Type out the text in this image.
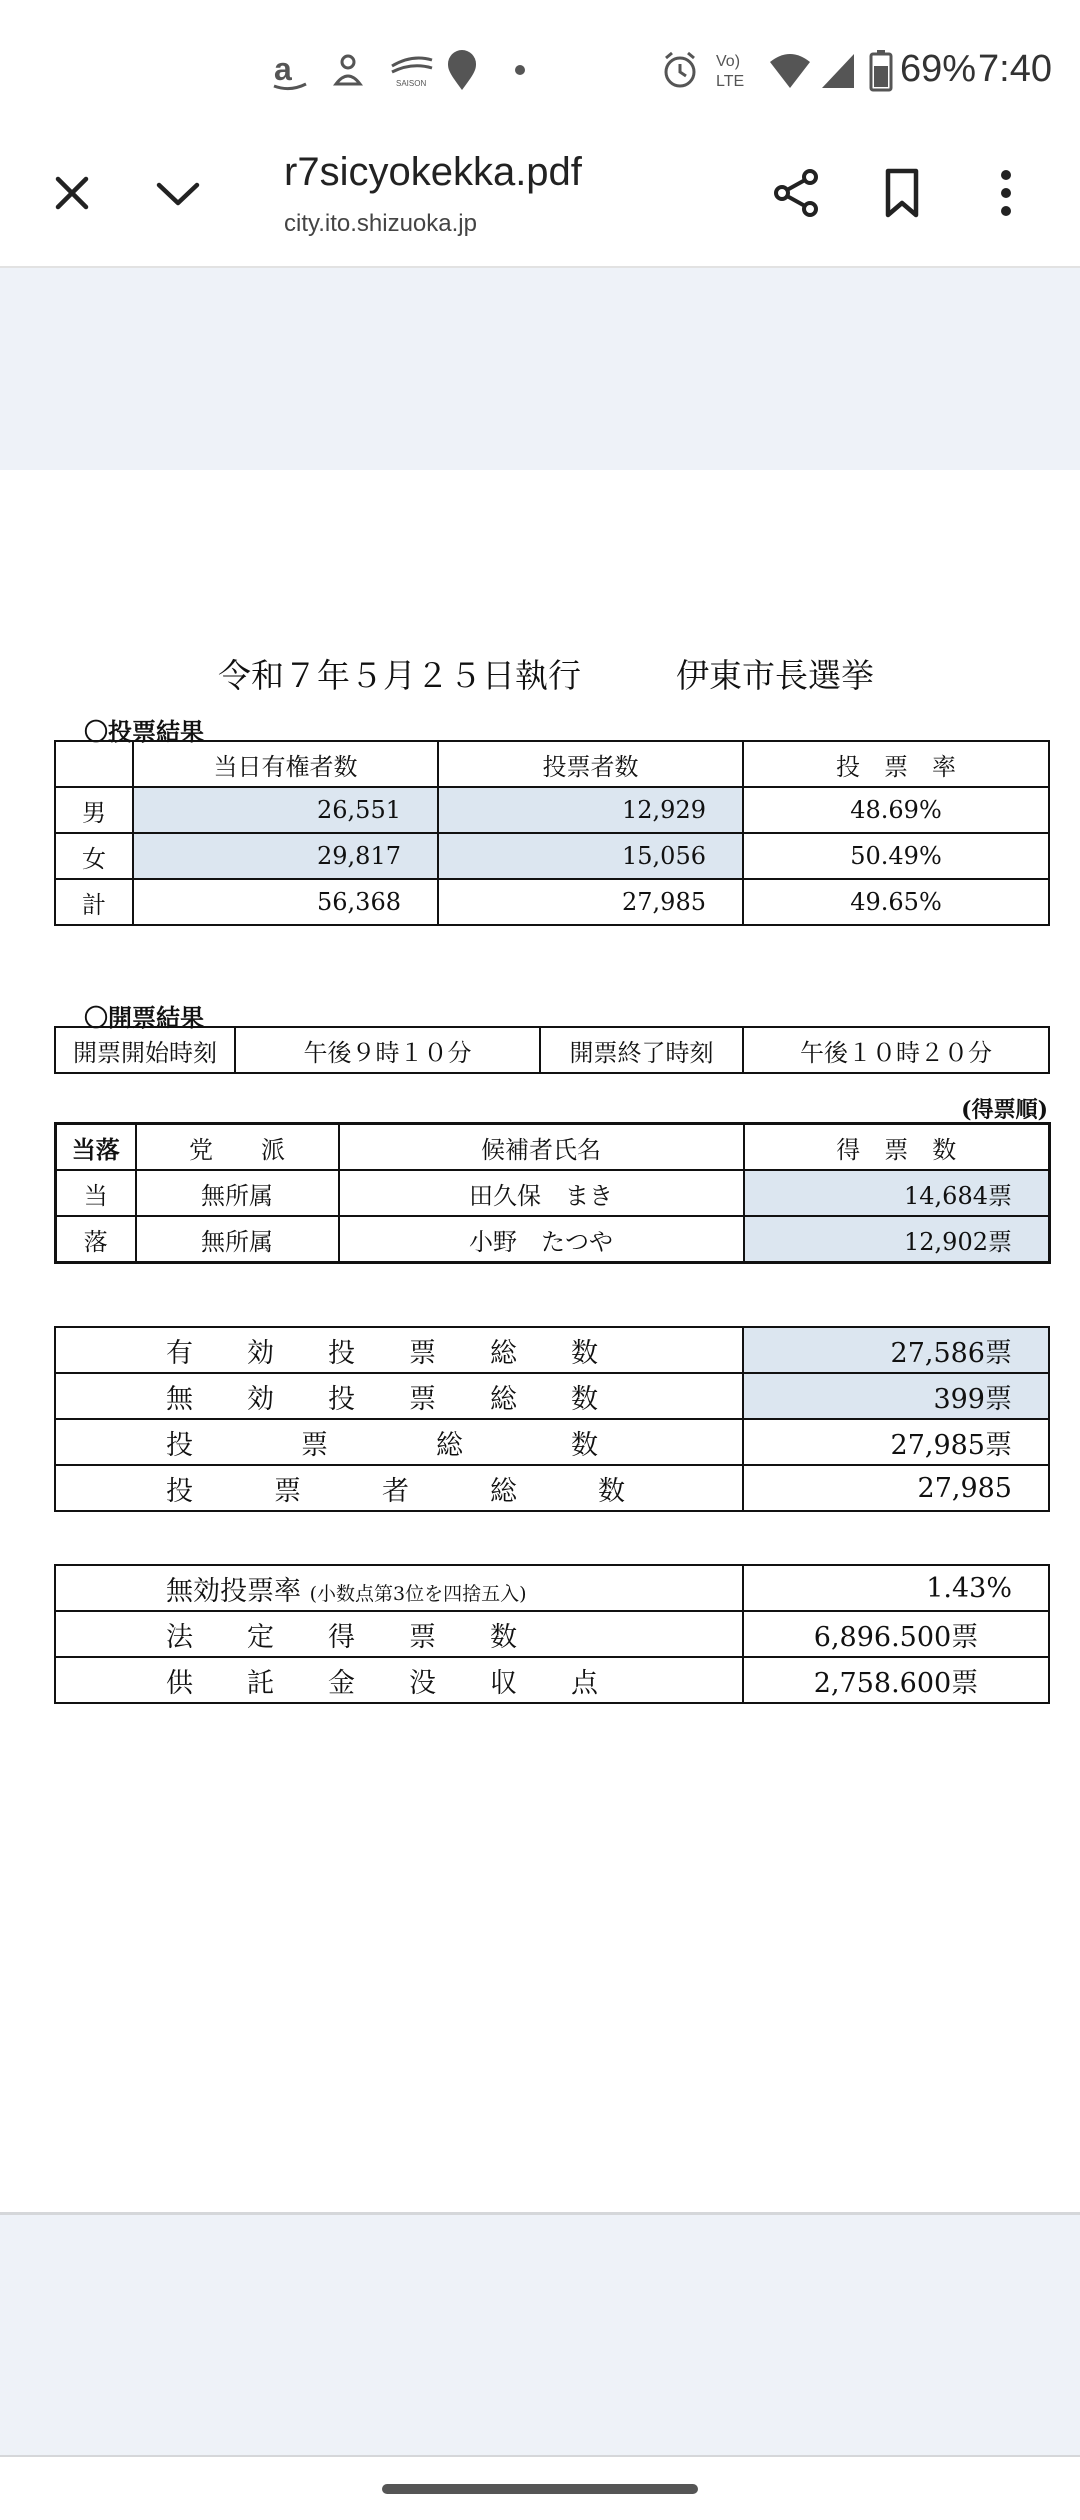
a	SAISON
Vo)
LTE	69% 7:40
r7sicyokekka.pdf
city.ito.shizuoka.jp
令和７年５月２５日執行	伊東市長選挙
〇投票結果
	当日有権者数	投票者数	投　票　率
男	26,551	12,929	48.69%
女	29,817	15,056	50.49%
計	56,368	27,985	49.65%
〇開票結果
開票開始時刻	午後９時１０分	開票終了時刻	午後１０時２０分
(得票順)
当落	党　　派	候補者氏名	得　票　数
当	無所属	田久保　まき	14,684票
落	無所属	小野　たつや	12,902票
有　　効　　投　　票　　総　　数	27,586票
無　　効　　投　　票　　総　　数	399票
投　　　　票　　　　総　　　　数	27,985票
投　　　票　　　者　　　総　　　数	27,985
無効投票率 (小数点第3位を四捨五入)	1.43%
法　　定　　得　　票　　数	6,896.500票
供　　託　　金　　没　　収　　点	2,758.600票
